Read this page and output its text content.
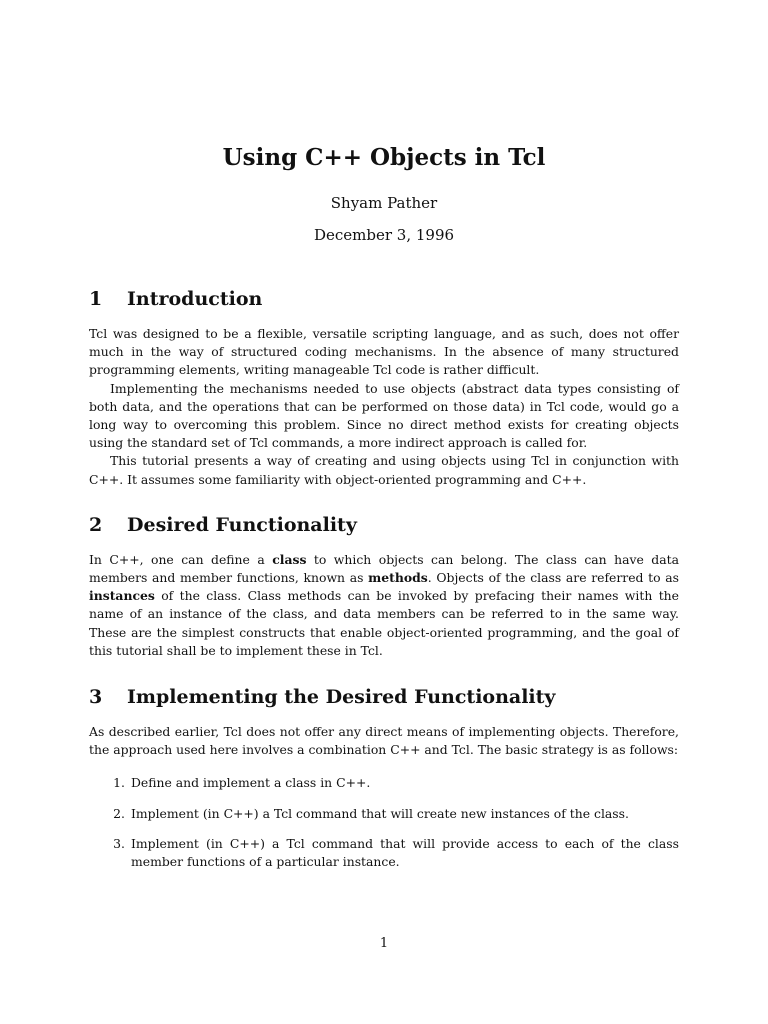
Using C++ Objects in Tcl
Shyam Pather
December 3, 1996
1	Introduction

Tcl was designed to be a flexible, versatile scripting language, and as such, does not offer much in the way of structured coding mechanisms. In the absence of many structured programming elements, writing manageable Tcl code is rather difficult.

Implementing the mechanisms needed to use objects (abstract data types consisting of both data, and the operations that can be performed on those data) in Tcl code, would go a long way to overcoming this problem. Since no direct method exists for creating objects using the standard set of Tcl commands, a more indirect approach is called for.

This tutorial presents a way of creating and using objects using Tcl in conjunction with C++. It assumes some familiarity with object-oriented programming and C++.

2	Desired Functionality

In C++, one can define a class to which objects can belong. The class can have data members and member functions, known as methods. Objects of the class are referred to as instances of the class. Class methods can be invoked by prefacing their names with the name of an instance of the class, and data members can be referred to in the same way. These are the simplest constructs that enable object-oriented programming, and the goal of this tutorial shall be to implement these in Tcl.

3	Implementing the Desired Functionality

As described earlier, Tcl does not offer any direct means of implementing objects. Therefore, the approach used here involves a combination C++ and Tcl. The basic strategy is as follows:

1. Define and implement a class in C++.
2. Implement (in C++) a Tcl command that will create new instances of the class.
3. Implement (in C++) a Tcl command that will provide access to each of the class member functions of a particular instance.
1
